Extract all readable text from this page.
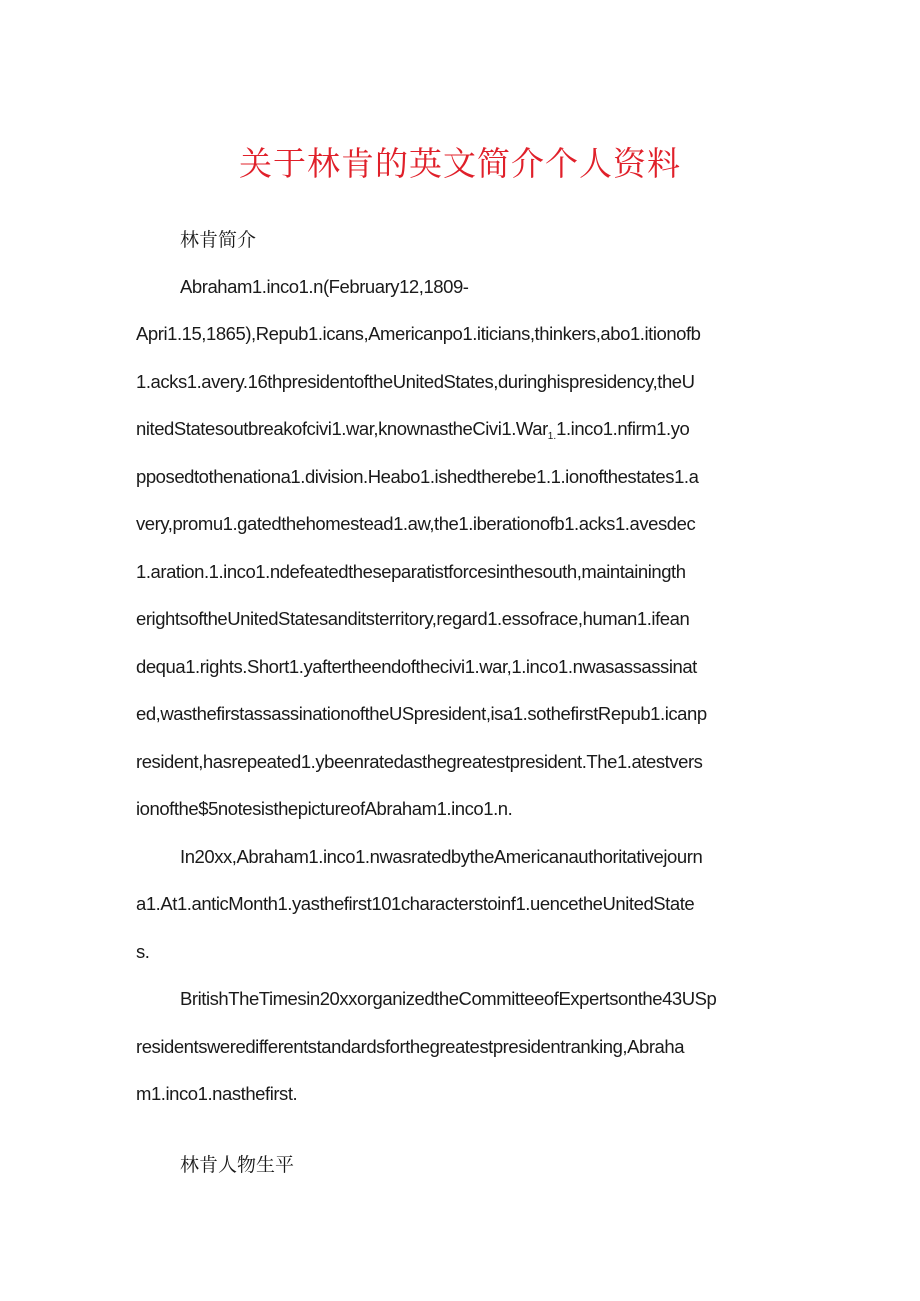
关于林肯的英文简介个人资料
林肯简介
Abraham1.inco1.n(February12,1809-
Apri1.15,1865),Repub1.icans,Americanpo1.iticians,thinkers,abo1.itionofb
1.acks1.avery.16thpresidentoftheUnitedStates,duringhispresidency,theU
nitedStatesoutbreakofcivi1.war,knownastheCivi1.War$_{1.}$1.inco1.nfirm1.yo
pposedtothenationa1.division.Heabo1.ishedtherebe1.1.ionofthestates1.a
very,promu1.gatedthehomestead1.aw,the1.iberationofb1.acks1.avesdec
1.aration.1.inco1.ndefeatedtheseparatistforcesinthesouth,maintainingth
erightsoftheUnitedStatesanditsterritory,regard1.essofrace,human1.ifean
dequa1.rights.Short1.yaftertheendofthecivi1.war,1.inco1.nwasassassinat
ed,wasthefirstassassinationoftheUSpresident,isa1.sothefirstRepub1.icanp
resident,hasrepeated1.ybeenratedasthegreatestpresident.The1.atestvers
ionofthe$5notesisthepictureofAbraham1.inco1.n.
In20xx,Abraham1.inco1.nwasratedbytheAmericanauthoritativejourn
a1.At1.anticMonth1.yasthefirst101characterstoinf1.uencetheUnitedState
s.
BritishTheTimesin20xxorganizedtheCommitteeofExpertsonthe43USp
residentsweredifferentstandardsforthegreatestpresidentranking,Abraha
m1.inco1.nasthefirst.
林肯人物生平
